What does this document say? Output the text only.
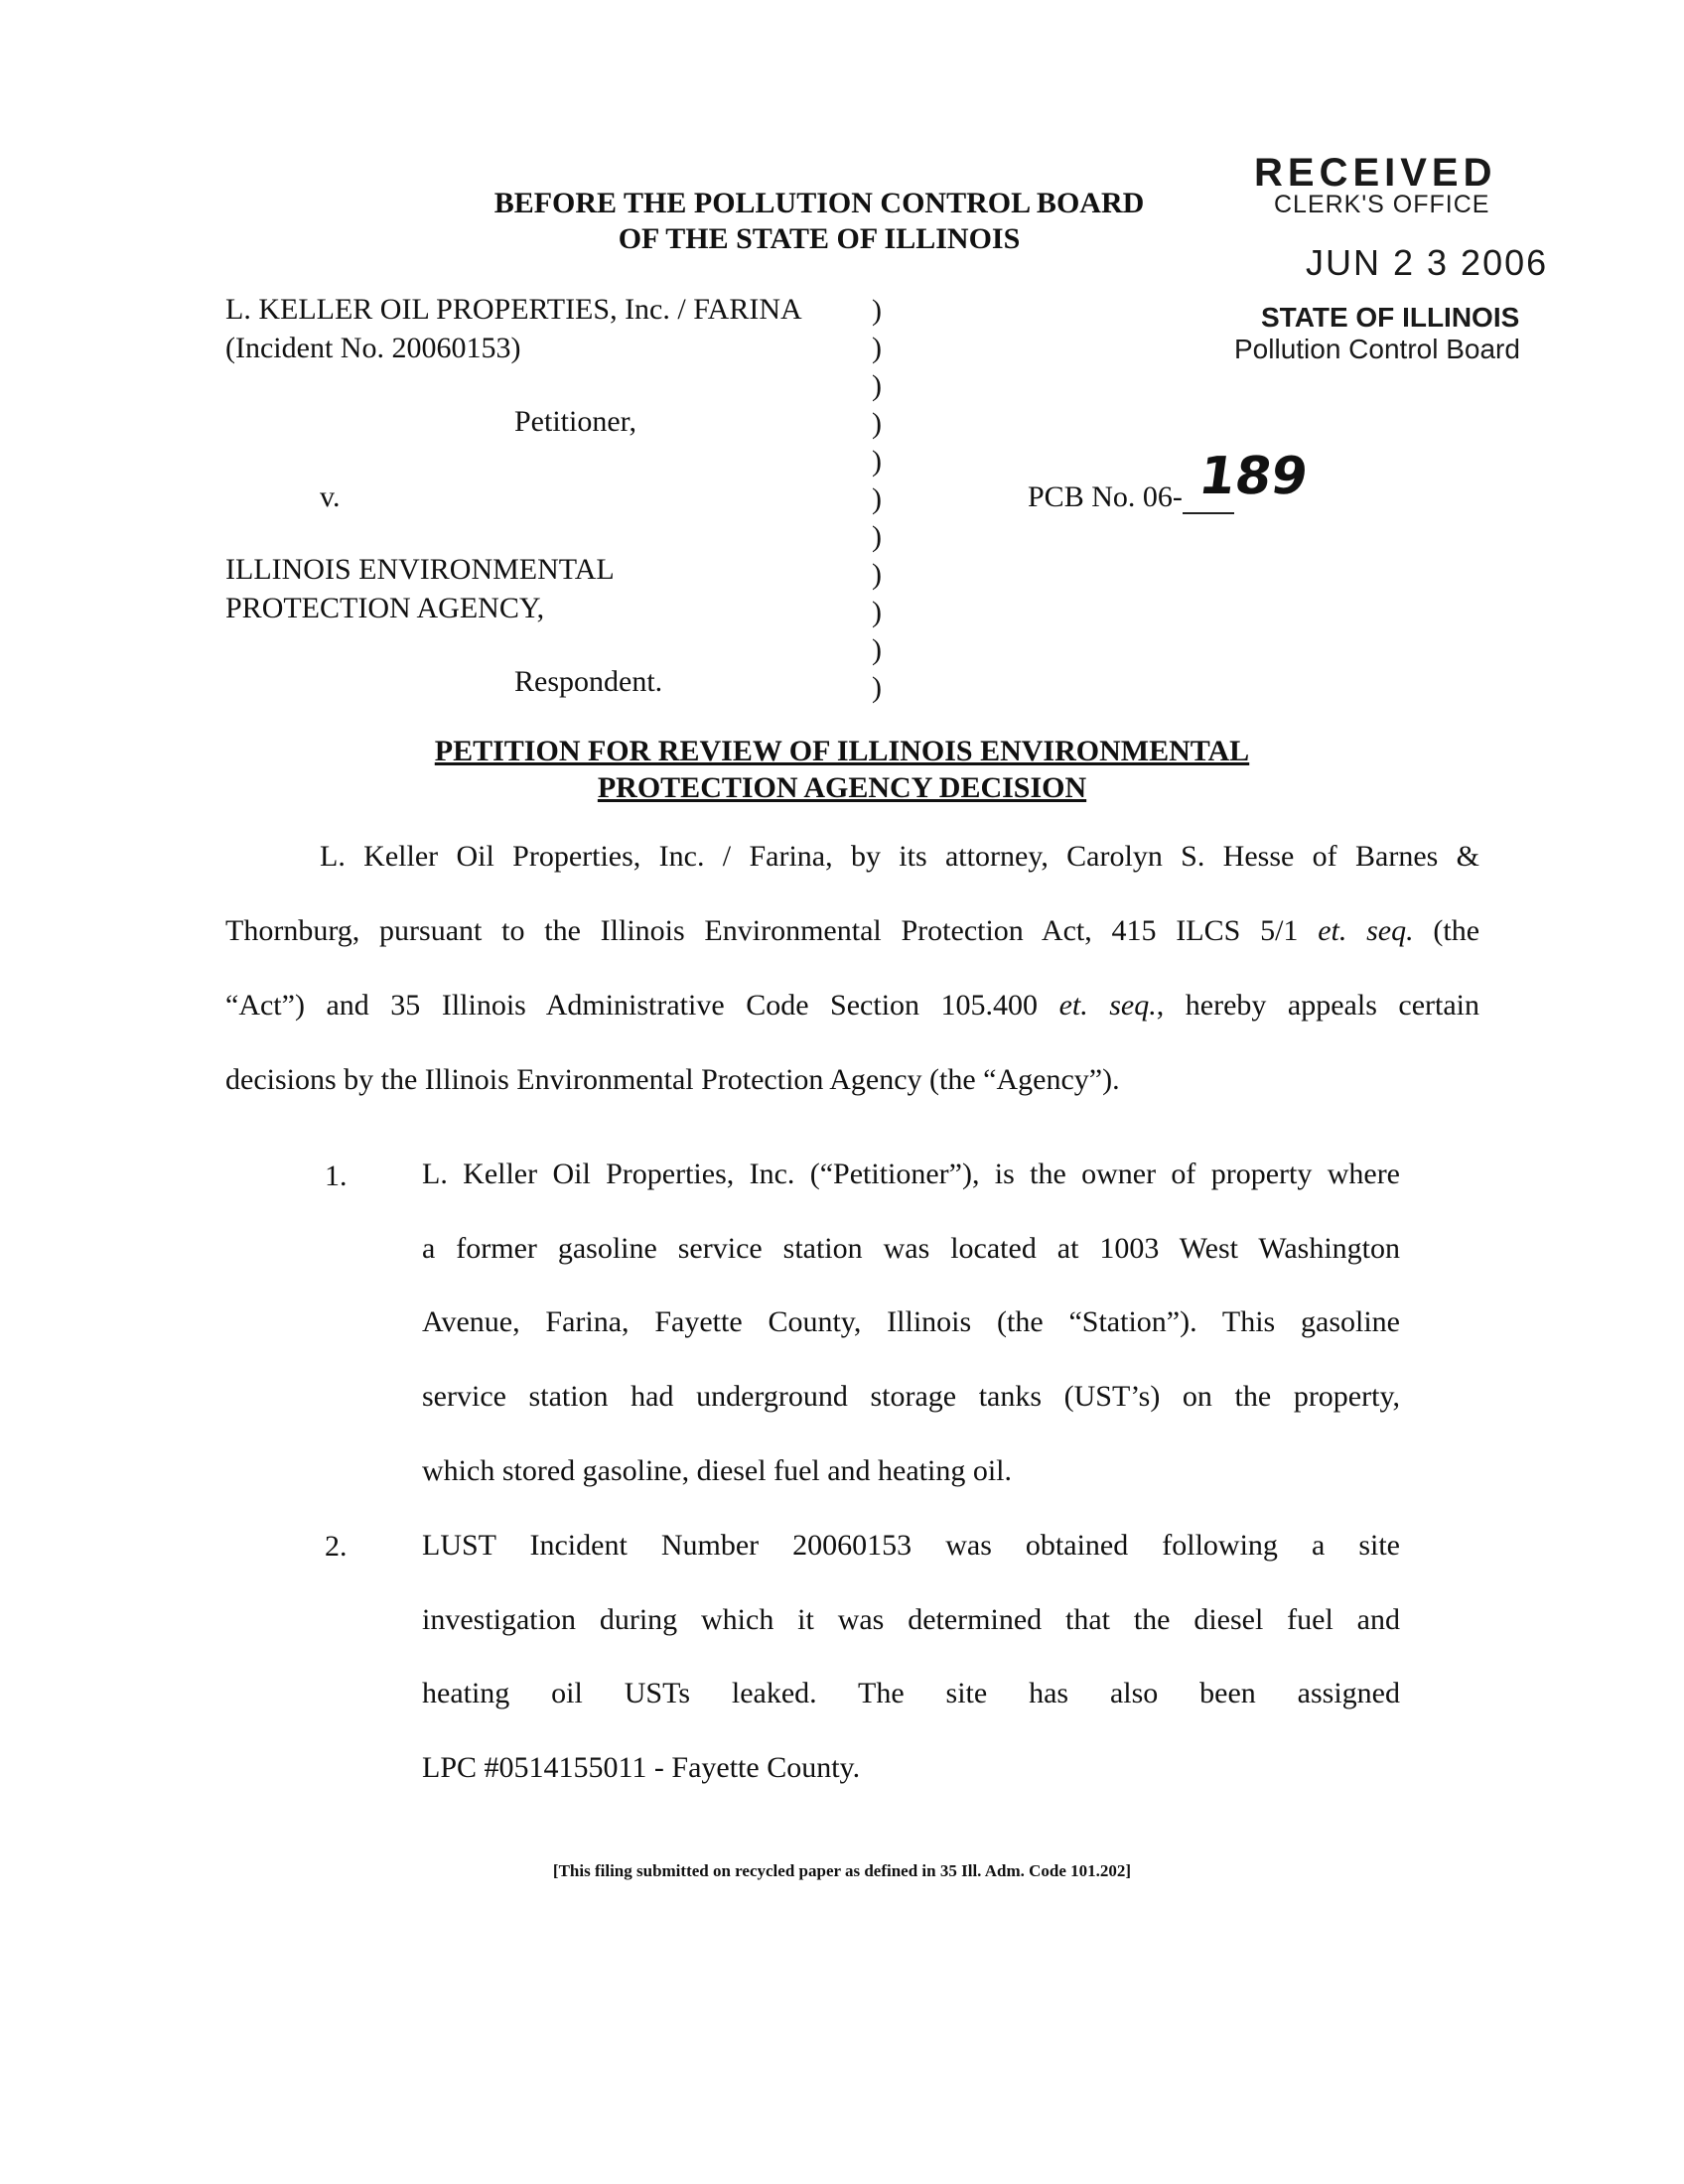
BEFORE THE POLLUTION CONTROL BOARD
OF THE STATE OF ILLINOIS
RECEIVED
CLERK'S OFFICE
JUN 2 3 2006
STATE OF ILLINOIS
Pollution Control Board
L. KELLER OIL PROPERTIES, Inc. / FARINA
(Incident No. 20060153)
Petitioner,
v.
ILLINOIS ENVIRONMENTAL
PROTECTION AGENCY,
Respondent.
)
)
)
)
)
)
)
)
)
)
)
PCB No. 06- 189
PETITION FOR REVIEW OF ILLINOIS ENVIRONMENTAL
PROTECTION AGENCY DECISION
L. Keller Oil Properties, Inc. / Farina, by its attorney, Carolyn S. Hesse of Barnes &
Thornburg, pursuant to the Illinois Environmental Protection Act, 415 ILCS 5/1 et. seq. (the
“Act”) and 35 Illinois Administrative Code Section 105.400 et. seq., hereby appeals certain
decisions by the Illinois Environmental Protection Agency (the “Agency”).
1.	L. Keller Oil Properties, Inc. (“Petitioner”), is the owner of property where
a former gasoline service station was located at 1003 West Washington
Avenue, Farina, Fayette County, Illinois (the “Station”). This gasoline
service station had underground storage tanks (UST’s) on the property,
which stored gasoline, diesel fuel and heating oil.
2.	LUST Incident Number 20060153 was obtained following a site
investigation during which it was determined that the diesel fuel and
heating oil USTs leaked. The site has also been assigned
LPC #0514155011 - Fayette County.
[This filing submitted on recycled paper as defined in 35 Ill. Adm. Code 101.202]
